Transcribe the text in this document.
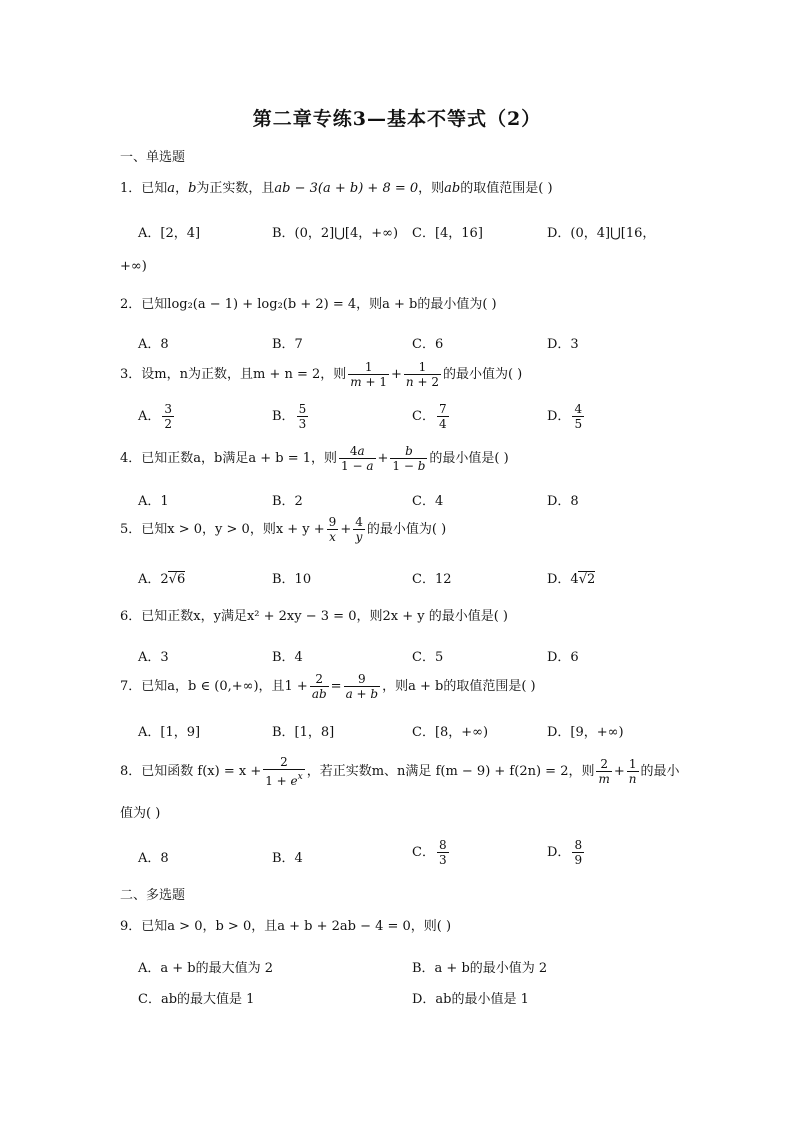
第二章专练3—基本不等式（2）
一、单选题
1．已知a，b为正实数，且ab − 3(a + b) + 8 = 0，则ab的取值范围是( )
A．[2，4]	B．(0，2]⋃[4，+∞) C．[4，16]	D．(0，4]⋃[16，
+∞)
2．已知log₂(a − 1) + log₂(b + 2) = 4，则a + b的最小值为( )
A．8	B．7	C．6	D．3
3．设m，n为正数，且m + n = 2，则 $\frac{1}{m + 1} + \frac{1}{n + 2}$ 的最小值为( )
A． $\frac{3}{2}$	B． $\frac{5}{3}$	C． $\frac{7}{4}$	D． $\frac{4}{5}$
4．已知正数a，b满足a + b = 1，则 $\frac{4a}{1 - a} + \frac{b}{1 - b}$ 的最小值是( )
A．1	B．2	C．4	D．8
5．已知x > 0，y > 0，则$x + y + \frac{9}{x} + \frac{4}{y}$ 的最小值为( )
A．2√6	B．10	C．12	D．4√2
6．已知正数x，y满足x² + 2xy − 3 = 0，则2x + y 的最小值是( )
A．3	B．4	C．5	D．6
7．已知a，b ∈ (0,+∞)，且$1 + \frac{2}{ab} = \frac{9}{a + b}$ ，则a + b的取值范围是( )
A．[1，9]	B．[1，8]	C．[8，+∞)	D．[9，+∞)
8．已知函数 $f(x) = x + \frac{2}{1 + e^x}$ ，若正实数m、n满足 f(m − 9) + f(2n) = 2，则 $\frac{2}{m} + \frac{1}{n}$ 的最小
值为( )
A．8	B．4	C． $\frac{8}{3}$	D． $\frac{8}{9}$
二、多选题
9．已知a > 0，b > 0，且a + b + 2ab − 4 = 0，则( )
A．a + b的最大值为 2	B．a + b的最小值为 2
C．ab的最大值是 1	D．ab的最小值是 1
